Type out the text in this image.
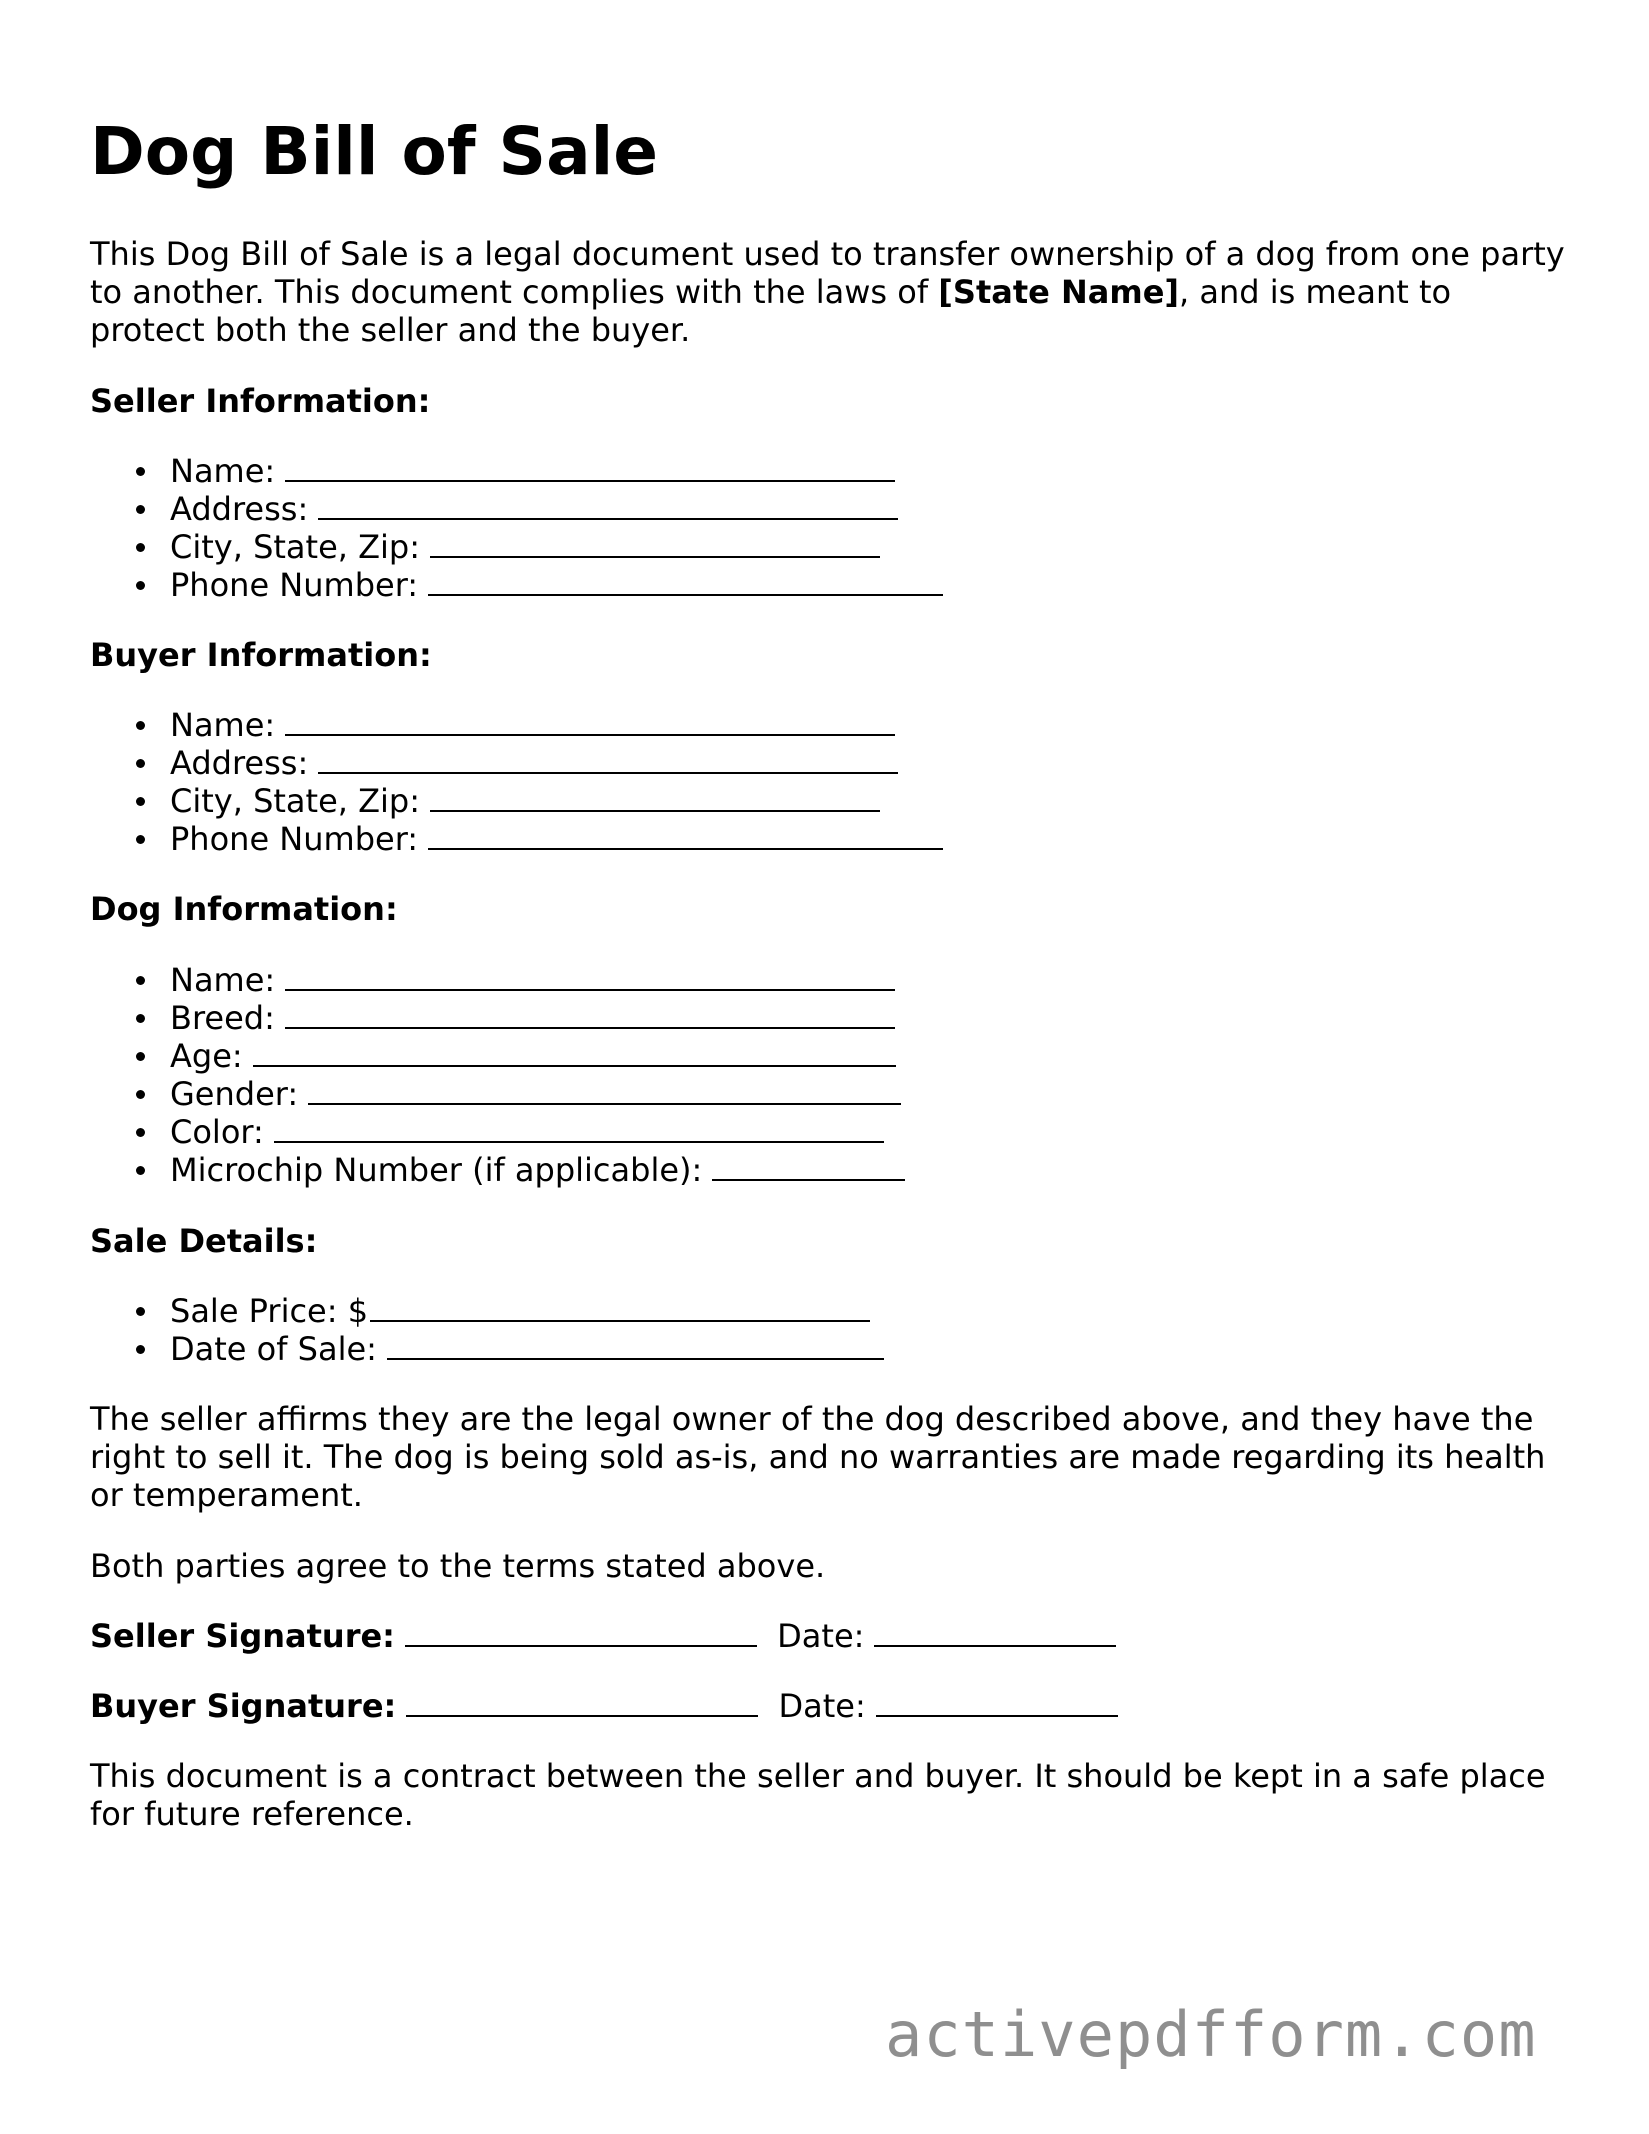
Dog Bill of Sale

This Dog Bill of Sale is a legal document used to transfer ownership of a dog from one party to another. This document complies with the laws of [State Name], and is meant to protect both the seller and the buyer.

Seller Information:
Name:
Address:
City, State, Zip:
Phone Number:
Buyer Information:
Name:
Address:
City, State, Zip:
Phone Number:
Dog Information:
Name:
Breed:
Age:
Gender:
Color:
Microchip Number (if applicable):
Sale Details:
Sale Price: $
Date of Sale:

The seller affirms they are the legal owner of the dog described above, and they have the right to sell it. The dog is being sold as-is, and no warranties are made regarding its health or temperament.

Both parties agree to the terms stated above.

Seller Signature:	Date:
Buyer Signature:	Date:

This document is a contract between the seller and buyer. It should be kept in a safe place for future reference.

activepdfform.com
